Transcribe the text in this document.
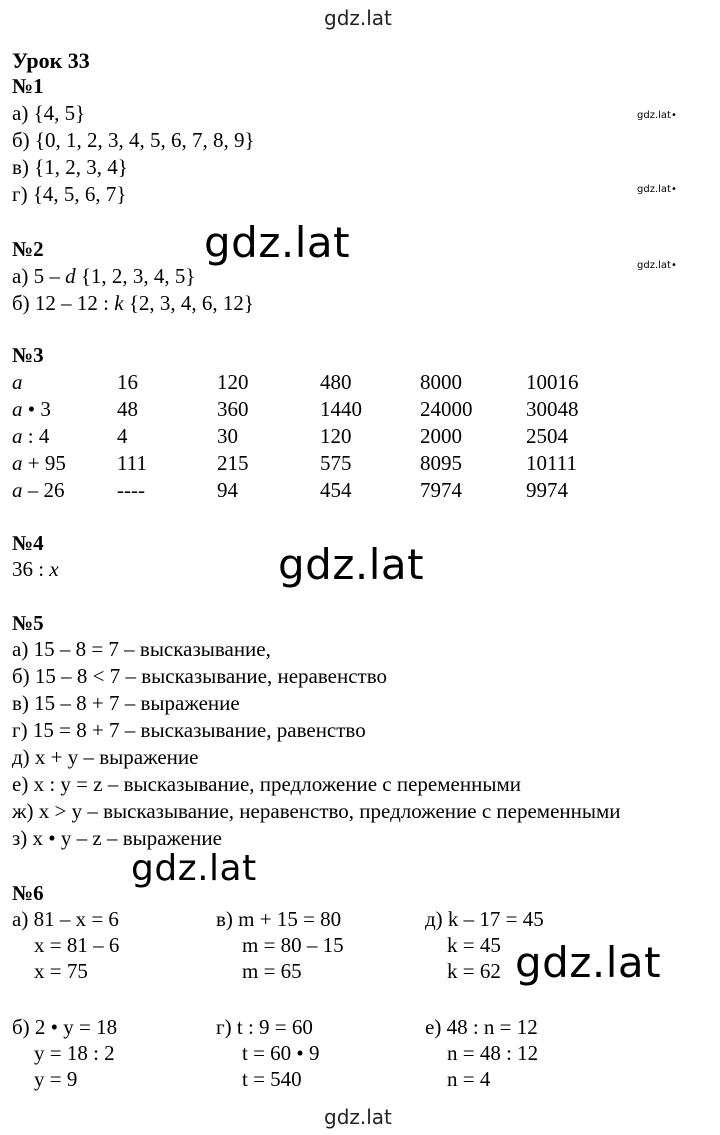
gdz.lat
Урок 33
№1
а) {4, 5}
б) {0, 1, 2, 3, 4, 5, 6, 7, 8, 9}
в) {1, 2, 3, 4}
г) {4, 5, 6, 7}
gdz.lat•
gdz.lat•
gdz.lat•
№2
а) 5 – d {1, 2, 3, 4, 5}
б) 12 – 12 : k {2, 3, 4, 6, 12}
gdz.lat
№3
a	16	120	480	8000	10016
a • 3	48	360	1440	24000	30048
a : 4	4	30	120	2000	2504
a + 95	111	215	575	8095	10111
a – 26	----	94	454	7974	9974
№4
36 : x	gdz.lat
№5
а) 15 – 8 = 7 – высказывание,
б) 15 – 8 < 7 – высказывание, неравенство
в) 15 – 8 + 7 – выражение
г) 15 = 8 + 7 – высказывание, равенство
д) x + y – выражение
е) x : y = z – высказывание, предложение с переменными
ж) x > y – высказывание, неравенство, предложение с переменными
з) x • y – z – выражение
gdz.lat
№6
а) 81 – x = 6
x = 81 – 6
x = 75
в) m + 15 = 80
m = 80 – 15
m = 65
д) k – 17 = 45
k = 45
k = 62 gdz.lat
б) 2 • y = 18
y = 18 : 2
y = 9
г) t : 9 = 60
t = 60 • 9
t = 540
е) 48 : n = 12
n = 48 : 12
n = 4
gdz.lat
